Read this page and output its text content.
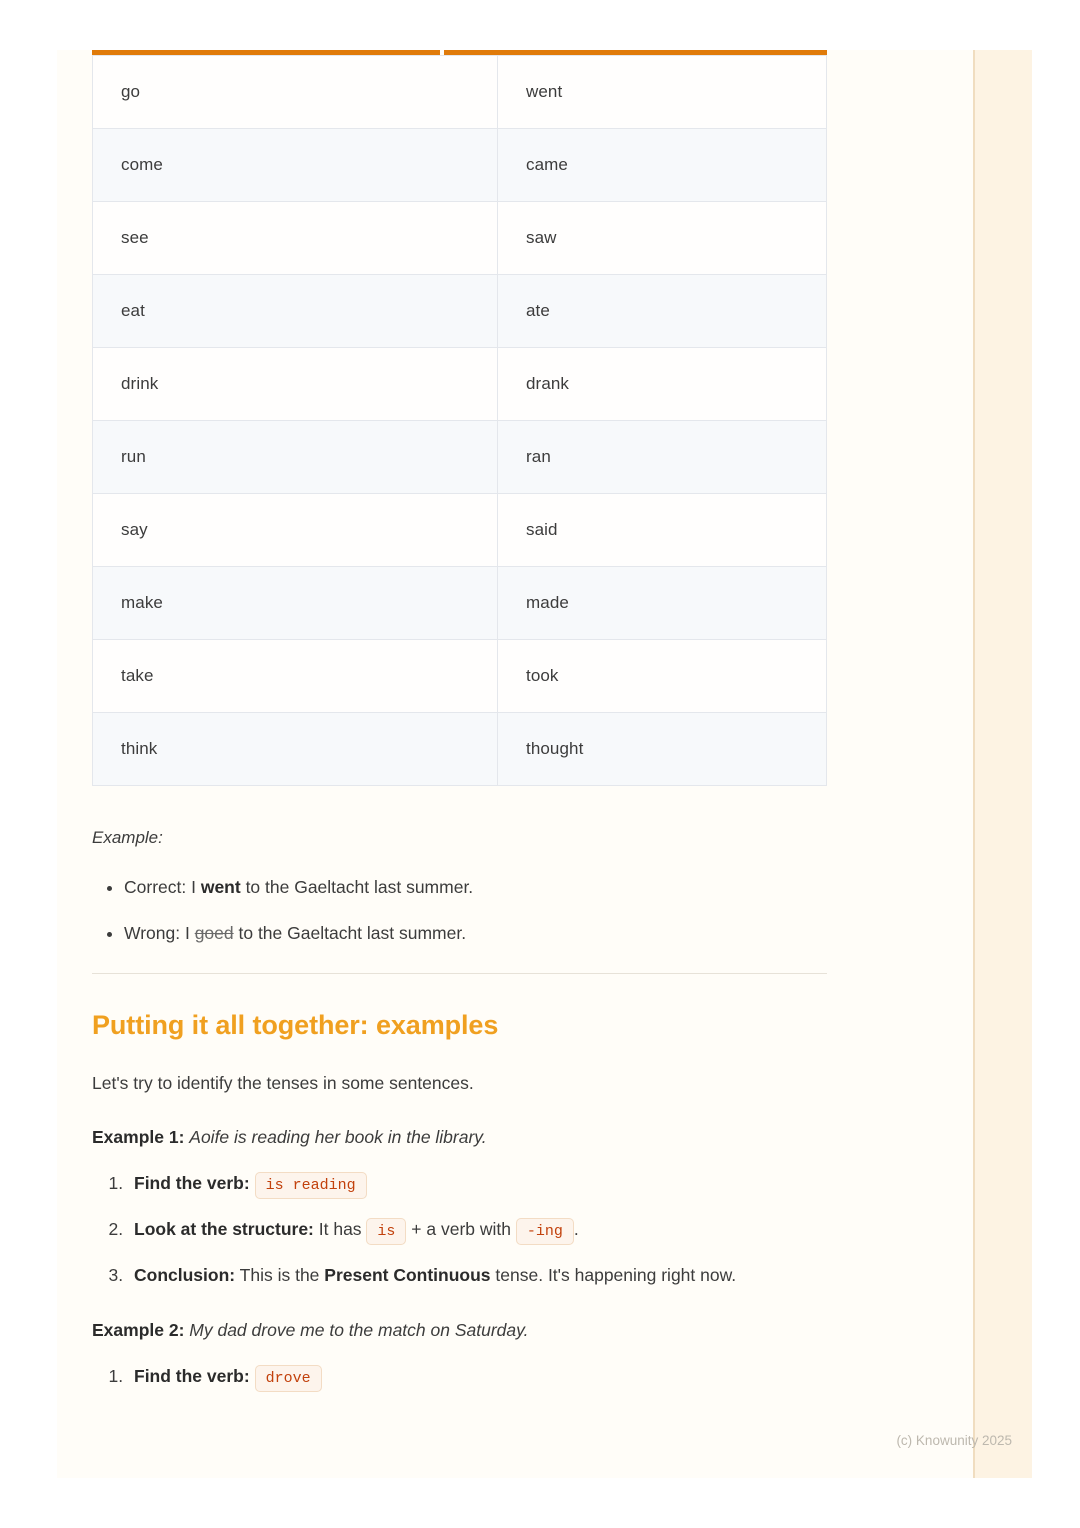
go	went
come	came
see	saw
eat	ate
drink	drank
run	ran
say	said
make	made
take	took
think	thought

Example:

• Correct: I went to the Gaeltacht last summer.
• Wrong: I goed to the Gaeltacht last summer.
Putting it all together: examples

Let's try to identify the tenses in some sentences.

Example 1: Aoife is reading her book in the library.

1. Find the verb: is reading
2. Look at the structure: It has is + a verb with -ing .
3. Conclusion: This is the Present Continuous tense. It's happening right now.

Example 2: My dad drove me to the match on Saturday.

1. Find the verb: drove
(c) Knowunity 2025
